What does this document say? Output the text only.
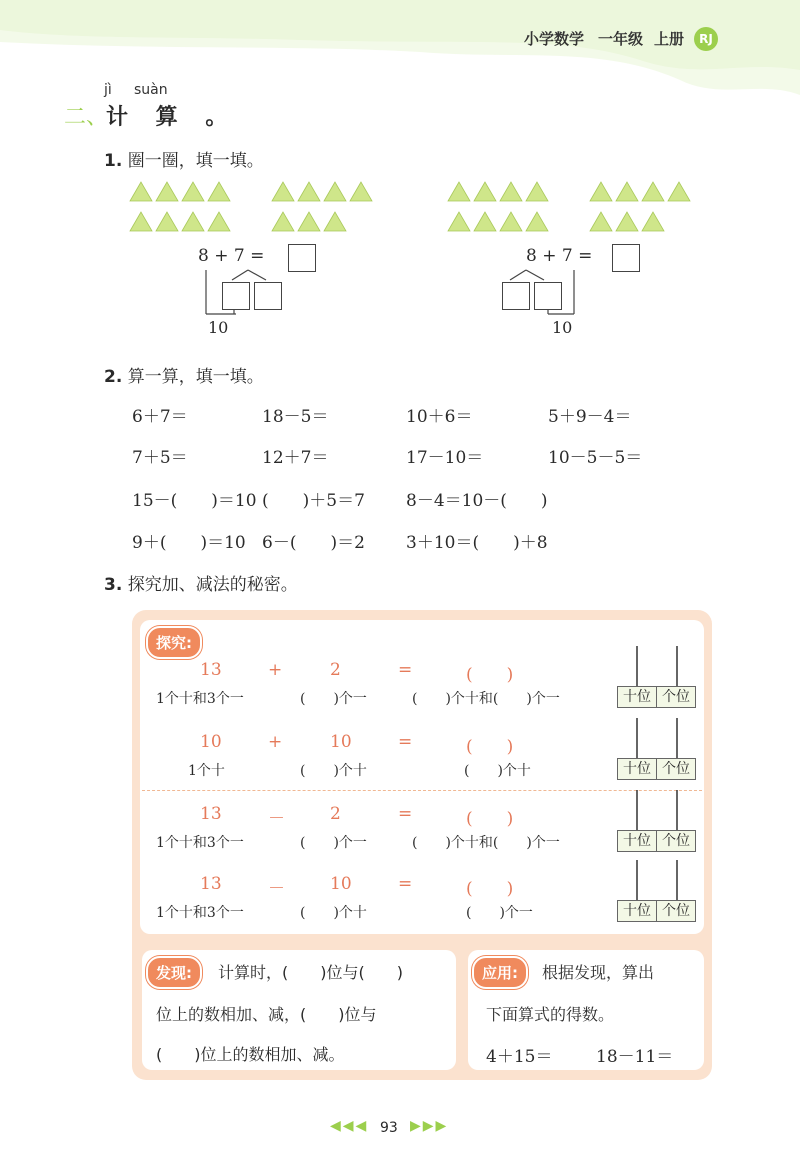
小学数学 一年级 上册	RJ
二、
jì suàn
计 算 。
1. 圈一圈，填一填。
8 + 7 =
10
8 + 7 =
10
2. 算一算，填一填。
6＋7＝	18－5＝	10＋6＝	5＋9－4＝
7＋5＝	12＋7＝	17－10＝	10－5－5＝
15－(　　)＝10 (　　)＋5＝7 8－4＝10－(　　)
9＋(　　)＝10 6－(　　)＝2 3＋10＝(　　)＋8
3. 探究加、减法的秘密。
探究:
13	+	2	=	(　　)
1个十和3个一	(　　)个一	(　　)个十和(　　)个一	十位 个位
10	+	10	=	(　　)
1个十	(　　)个十	(　　)个十	十位 个位
13	－	2	=	(　　)
1个十和3个一	(　　)个一	(　　)个十和(　　)个一	十位 个位
13	－	10	=	(　　)
1个十和3个一	(　　)个十	(　　)个一	十位 个位
发现:	计算时，(　　)位与(　　)
位上的数相加、减，(　　)位与
(　　)位上的数相加、减。
应用:	根据发现，算出
下面算式的得数。
4＋15＝	18－11＝
◀◀◀ 93 ▶▶▶
